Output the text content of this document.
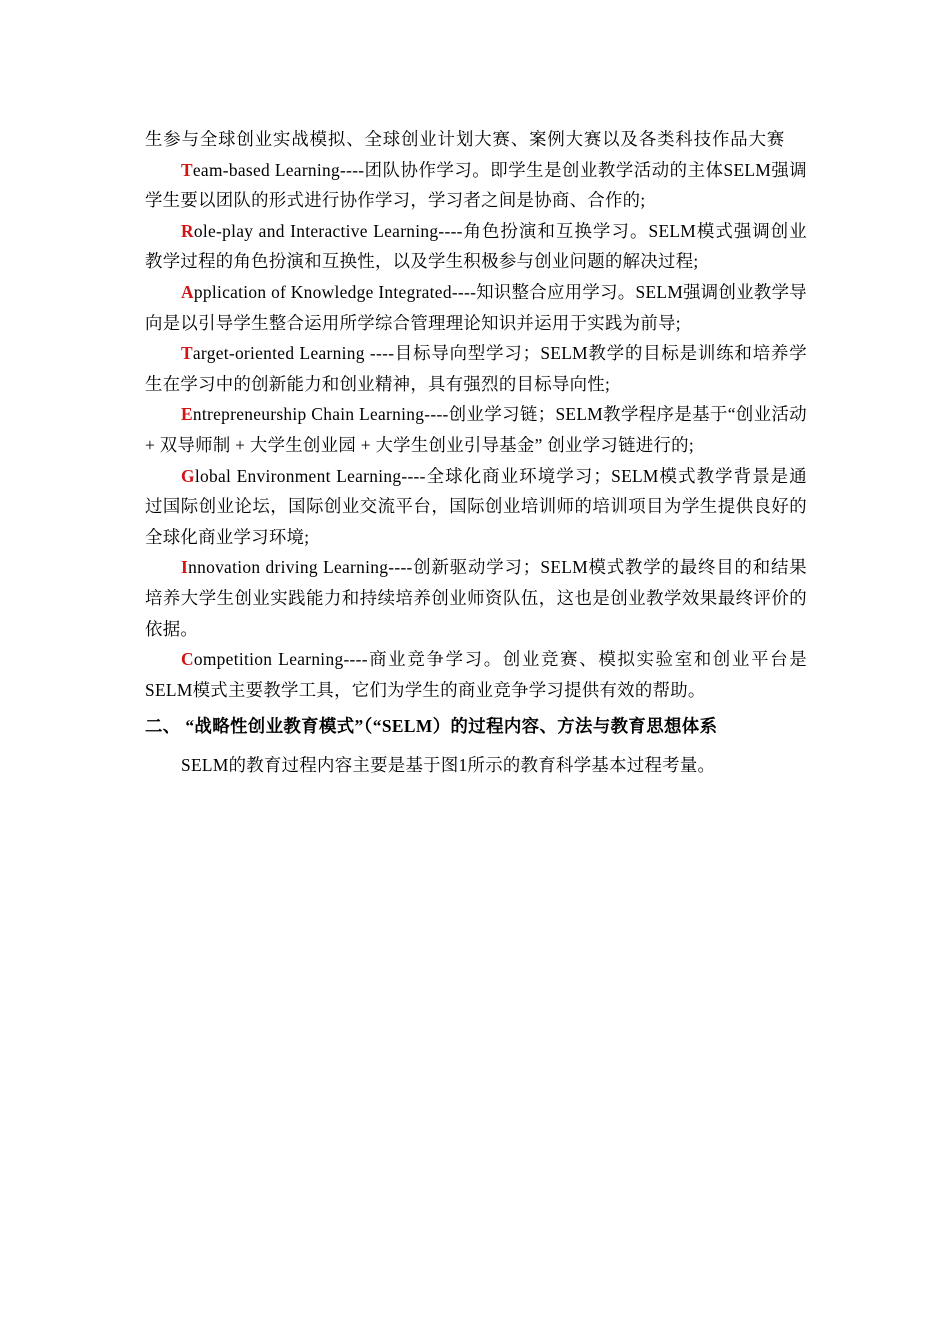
生参与全球创业实战模拟、全球创业计划大赛、案例大赛以及各类科技作品大赛

Team-based Learning----团队协作学习。即学生是创业教学活动的主体SELM强调学生要以团队的形式进行协作学习，学习者之间是协商、合作的;

Role-play and Interactive Learning----角色扮演和互换学习。SELM模式强调创业教学过程的角色扮演和互换性，以及学生积极参与创业问题的解决过程;

Application of Knowledge Integrated----知识整合应用学习。SELM强调创业教学导向是以引导学生整合运用所学综合管理理论知识并运用于实践为前导;

Target-oriented Learning ----目标导向型学习；SELM教学的目标是训练和培养学生在学习中的创新能力和创业精神，具有强烈的目标导向性;

Entrepreneurship Chain Learning----创业学习链；SELM教学程序是基于“创业活动 + 双导师制 + 大学生创业园 + 大学生创业引导基金” 创业学习链进行的;

Global Environment Learning----全球化商业环境学习；SELM模式教学背景是通过国际创业论坛，国际创业交流平台，国际创业培训师的培训项目为学生提供良好的全球化商业学习环境;

Innovation driving Learning----创新驱动学习；SELM模式教学的最终目的和结果培养大学生创业实践能力和持续培养创业师资队伍，这也是创业教学效果最终评价的依据。

Competition Learning----商业竞争学习。创业竞赛、模拟实验室和创业平台是SELM模式主要教学工具，它们为学生的商业竞争学习提供有效的帮助。

二、 “战略性创业教育模式”（“SELM）的过程内容、方法与教育思想体系

SELM的教育过程内容主要是基于图1所示的教育科学基本过程考量。
